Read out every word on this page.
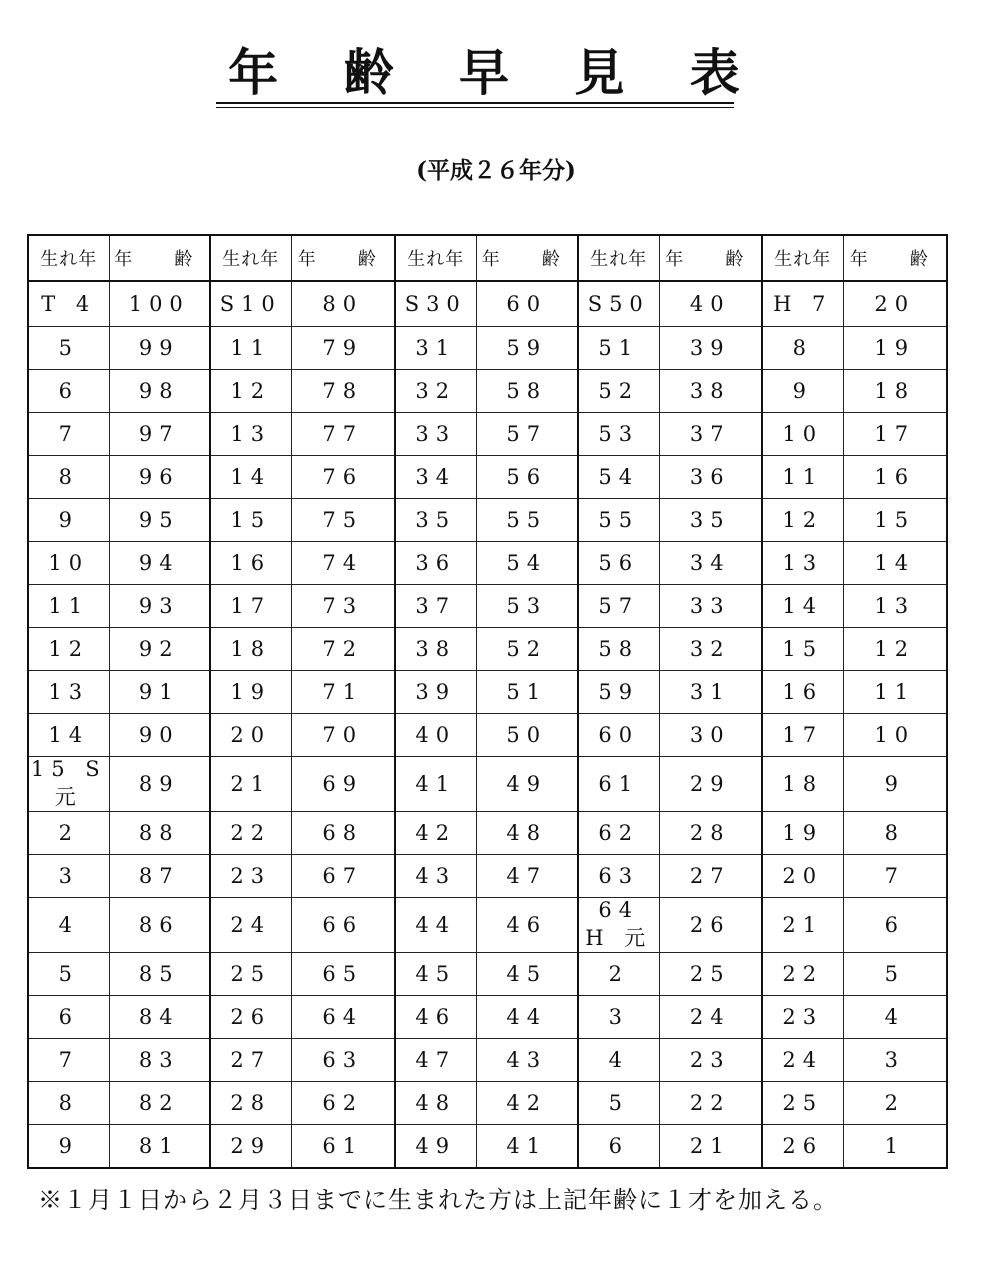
年 齢 早 見 表
(平成２６年分)
生れ年	年　齢	生れ年	年　齢	生れ年	年　齢	生れ年	年　齢	生れ年	年　齢
T 4	100	S10	80	S30	60	S50	40	H 7	20
5	99	11	79	31	59	51	39	8	19
6	98	12	78	32	58	52	38	9	18
7	97	13	77	33	57	53	37	10	17
8	96	14	76	34	56	54	36	11	16
9	95	15	75	35	55	55	35	12	15
10	94	16	74	36	54	56	34	13	14
11	93	17	73	37	53	57	33	14	13
12	92	18	72	38	52	58	32	15	12
13	91	19	71	39	51	59	31	16	11
14	90	20	70	40	50	60	30	17	10
15 S 元	89	21	69	41	49	61	29	18	9
2	88	22	68	42	48	62	28	19	8
3	87	23	67	43	47	63	27	20	7
4	86	24	66	44	46	64 H 元	26	21	6
5	85	25	65	45	45	2	25	22	5
6	84	26	64	46	44	3	24	23	4
7	83	27	63	47	43	4	23	24	3
8	82	28	62	48	42	5	22	25	2
9	81	29	61	49	41	6	21	26	1
※１月１日から２月３日までに生まれた方は上記年齢に１才を加える。
